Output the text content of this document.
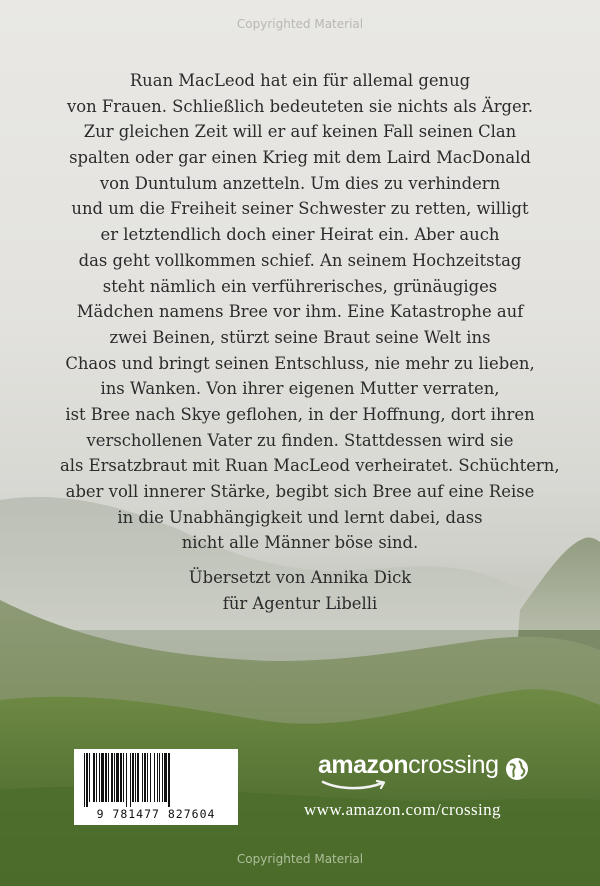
Copyrighted Material
Ruan MacLeod hat ein für allemal genug
von Frauen. Schließlich bedeuteten sie nichts als Ärger.
Zur gleichen Zeit will er auf keinen Fall seinen Clan
spalten oder gar einen Krieg mit dem Laird MacDonald
von Duntulum anzetteln. Um dies zu verhindern
und um die Freiheit seiner Schwester zu retten, willigt
er letztendlich doch einer Heirat ein. Aber auch
das geht vollkommen schief. An seinem Hochzeitstag
steht nämlich ein verführerisches, grünäugiges
Mädchen namens Bree vor ihm. Eine Katastrophe auf
zwei Beinen, stürzt seine Braut seine Welt ins
Chaos und bringt seinen Entschluss, nie mehr zu lieben,
ins Wanken. Von ihrer eigenen Mutter verraten,
ist Bree nach Skye geflohen, in der Hoffnung, dort ihren
verschollenen Vater zu finden. Stattdessen wird sie
als Ersatzbraut mit Ruan MacLeod verheiratet. Schüchtern,
aber voll innerer Stärke, begibt sich Bree auf eine Reise
in die Unabhängigkeit und lernt dabei, dass
nicht alle Männer böse sind.
Übersetzt von Annika Dick
für Agentur Libelli
9 781477 827604
amazoncrossing
www.amazon.com/crossing
Copyrighted Material
